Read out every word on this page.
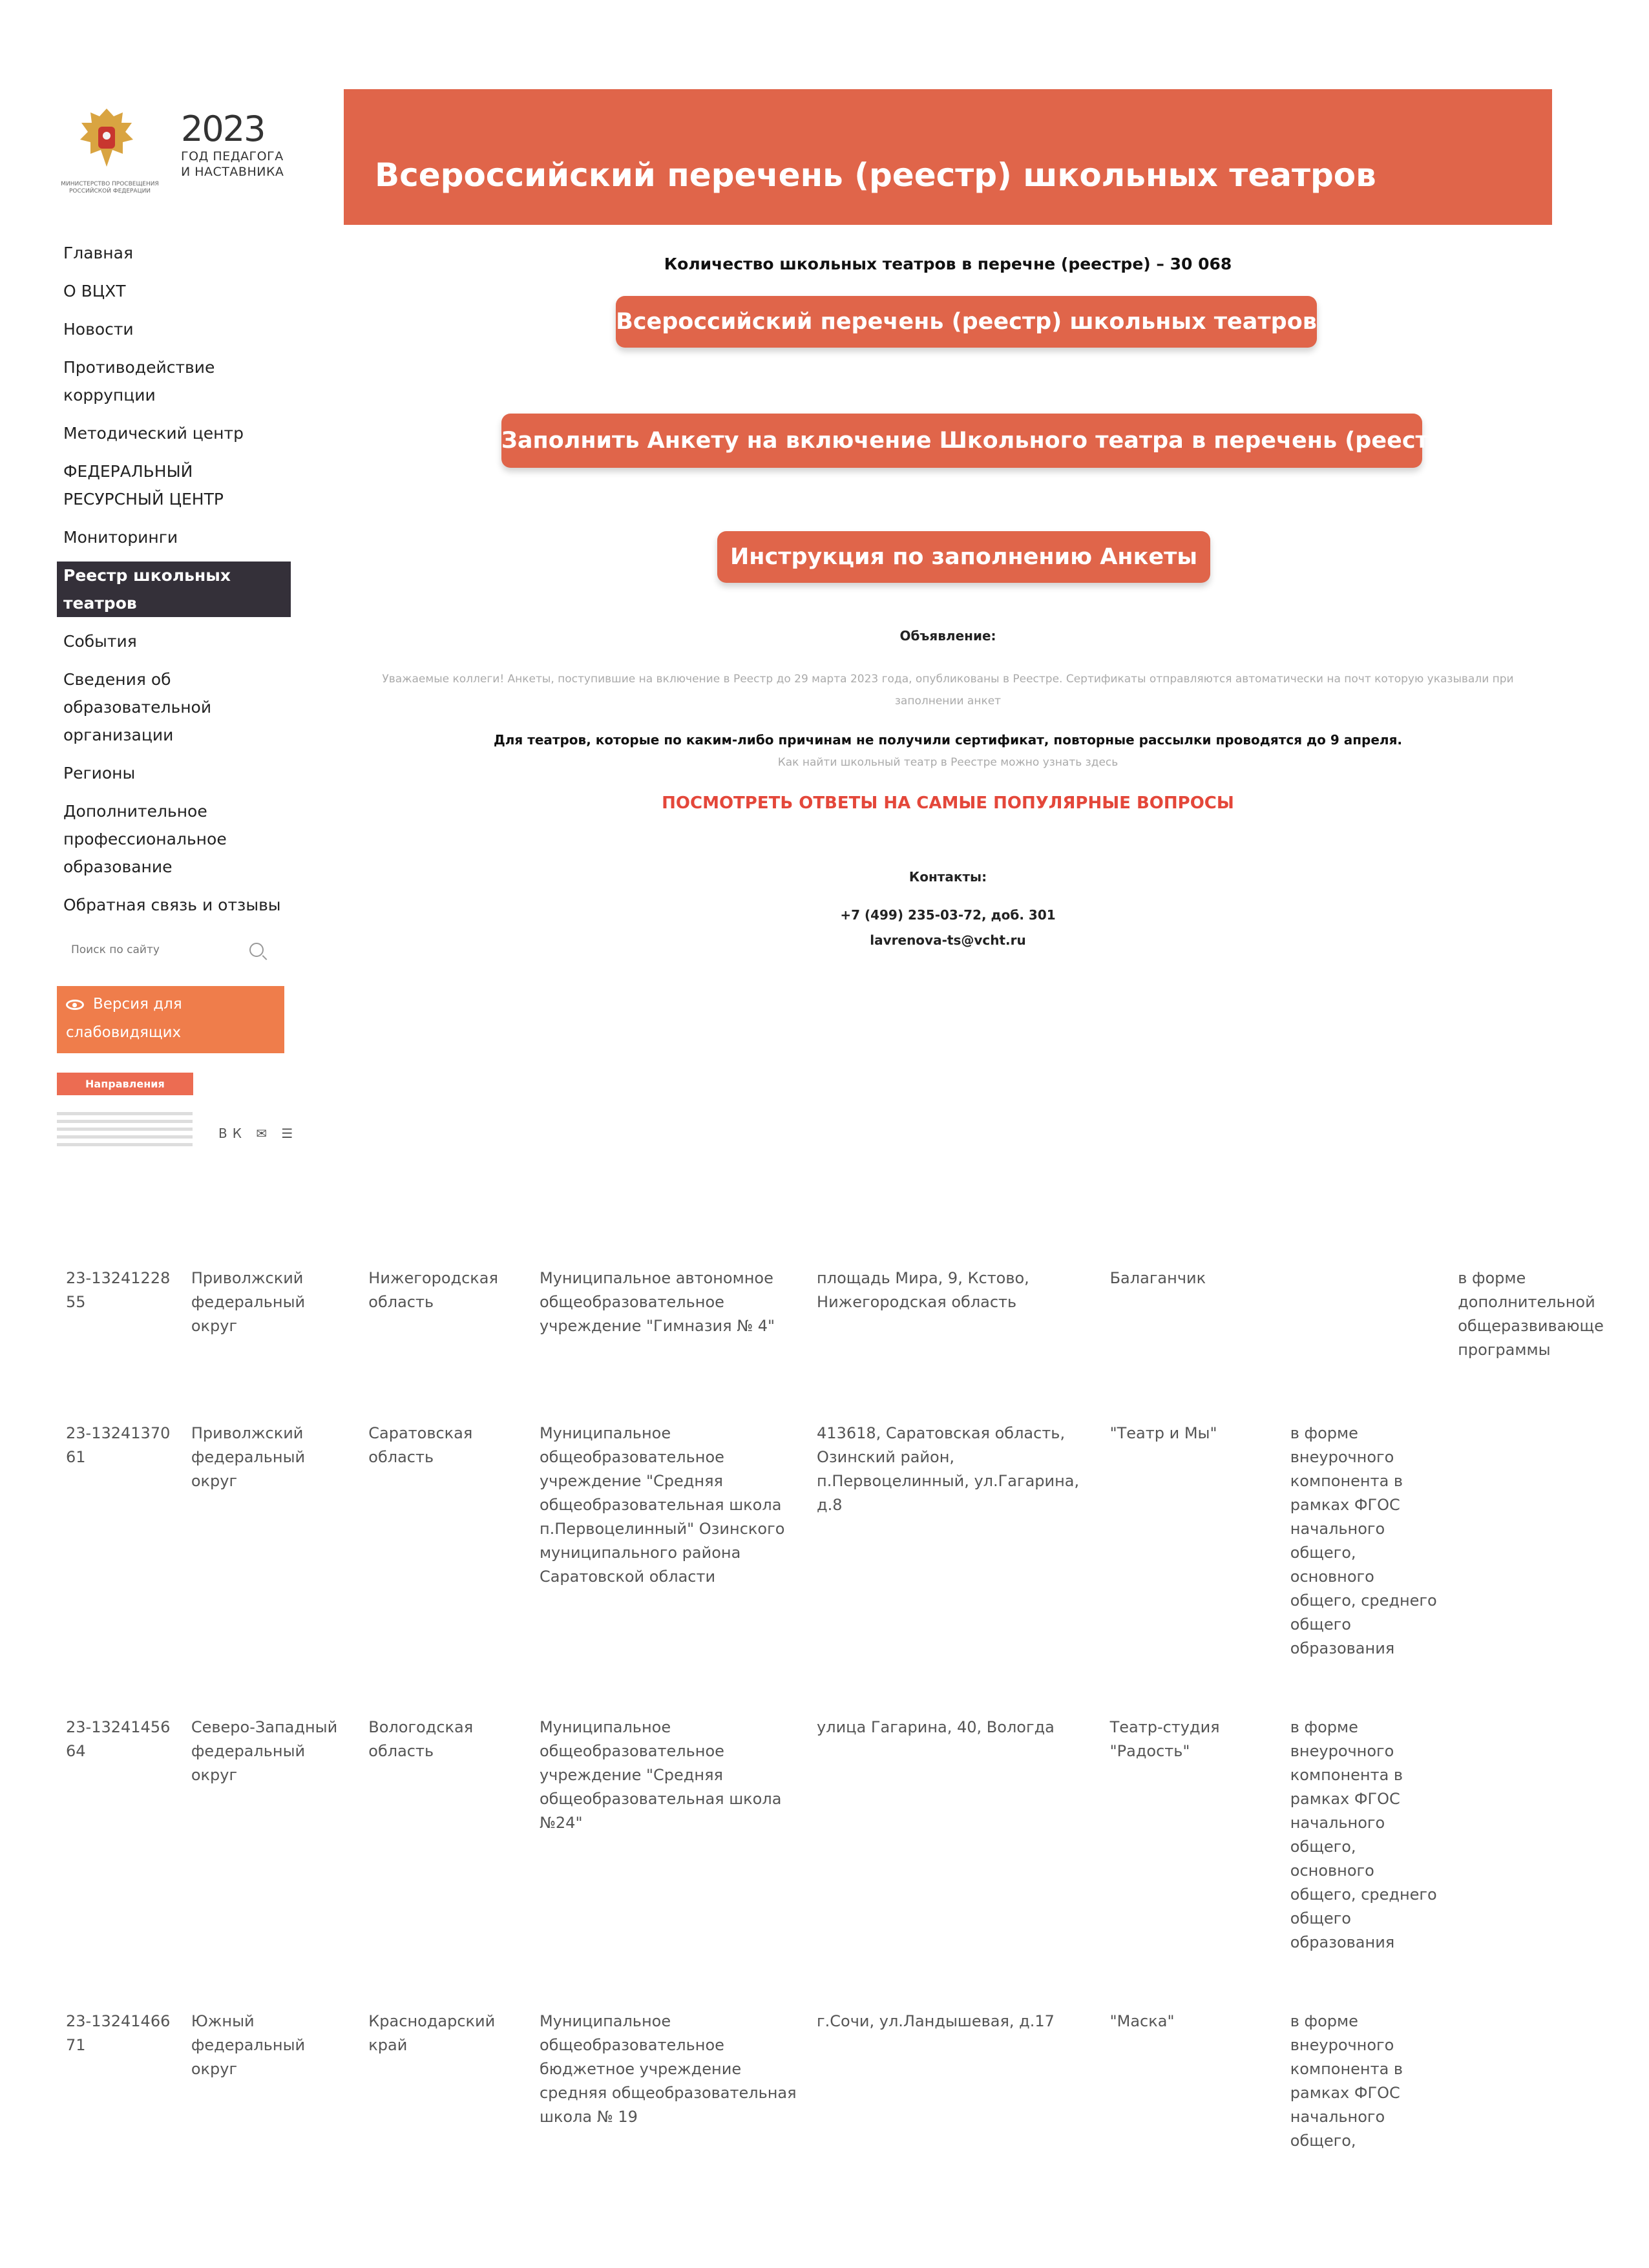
МИНИСТЕРСТВО ПРОСВЕЩЕНИЯ РОССИЙСКОЙ ФЕДЕРАЦИИ
2023
ГОД ПЕДАГОГА
И НАСТАВНИКА	Всероссийский перечень (реестр) школьных театров
Главная
О ВЦХТ
Новости
Противодействие коррупции
Методический центр
ФЕДЕРАЛЬНЫЙ РЕСУРСНЫЙ ЦЕНТР
Мониторинги
Реестр школьных театров
События
Сведения об образовательной организации
Регионы
Дополнительное профессиональное образование
Обратная связь и отзывы
Поиск по сайту
Версия для слабовидящих
Направления
ВК ✉ ☰
Количество школьных театров в перечне (реестре) – 30 068
Всероссийский перечень (реестр) школьных театров
Заполнить Анкету на включение Школьного театра в перечень (реестр)
Инструкция по заполнению Анкеты
Объявление:
Уважаемые коллеги! Анкеты, поступившие на включение в Реестр до 29 марта 2023 года, опубликованы в Реестре. Сертификаты отправляются автоматически на почт которую указывали при заполнении анкет
Для театров, которые по каким-либо причинам не получили сертификат, повторные рассылки проводятся до 9 апреля.
Как найти школьный театр в Реестре можно узнать здесь
ПОСМОТРЕТЬ ОТВЕТЫ НА САМЫЕ ПОПУЛЯРНЫЕ ВОПРОСЫ
Контакты:
+7 (499) 235-03-72, доб. 301
lavrenova-ts@vcht.ru
23-1324122855	Приволжский федеральный округ	Нижегородская область	Муниципальное автономное общеобразовательное учреждение "Гимназия № 4"	площадь Мира, 9, Кстово, Нижегородская область	Балаганчик		в форме дополнительной общеразвивающе программы
23-1324137061	Приволжский федеральный округ	Саратовская область	Муниципальное общеобразовательное учреждение "Средняя общеобразовательная школа п.Первоцелинный" Озинского муниципального района Саратовской области	413618, Саратовская область, Озинский район, п.Первоцелинный, ул.Гагарина, д.8	"Театр и Мы"	в форме внеурочного компонента в рамках ФГОС начального общего, основного общего, среднего общего образования	
23-1324145664	Северо-Западный федеральный округ	Вологодская область	Муниципальное общеобразовательное учреждение "Средняя общеобразовательная школа №24"	улица Гагарина, 40, Вологда	Театр-студия "Радость"	в форме внеурочного компонента в рамках ФГОС начального общего, основного общего, среднего общего образования	
23-1324146671	Южный федеральный округ	Краснодарский край	Муниципальное общеобразовательное бюджетное учреждение средняя общеобразовательная школа № 19	г.Сочи, ул.Ландышевая, д.17	"Маска"	в форме внеурочного компонента в рамках ФГОС начального общего,	
